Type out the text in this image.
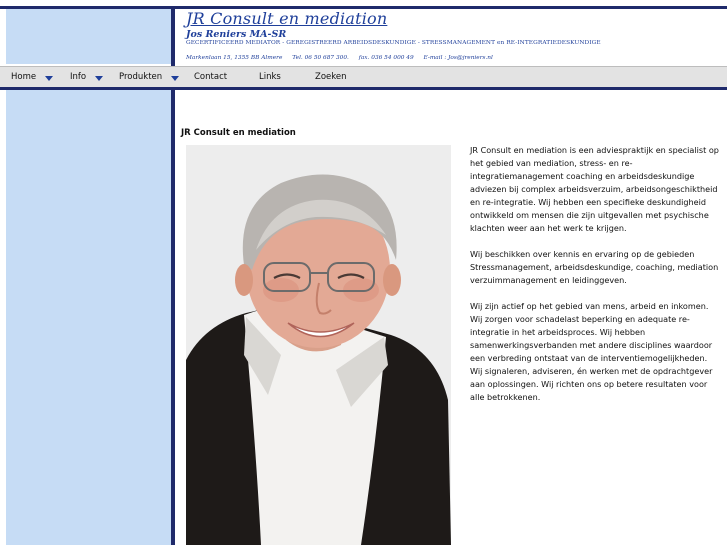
JR Consult en mediation
Jos Reniers MA-SR
GECERTIFICEERD MEDIATOR - GEREGISTREERD ARBEIDSDESKUNDIGE - STRESSMANAGEMENT en RE-INTEGRATIEDESKUNDIGE
Markenlaan 15, 1355 BB Almere Tel. 06 50 687 300. fax. 036 54 000 49 E-mail : Jos@jreniers.nl
Home	Info	Produkten	Contact	Links	Zoeken
JR Consult en mediation

JR Consult en mediation is een adviespraktijk en specialist op het gebied van mediation, stress- en re-integratiemanagement coaching en arbeidsdeskundige adviezen bij complex arbeidsverzuim, arbeidsongeschiktheid en re-integratie. Wij hebben een specifieke deskundigheid ontwikkeld om mensen die zijn uitgevallen met psychische klachten weer aan het werk te krijgen.

Wij beschikken over kennis en ervaring op de gebieden Stressmanagement, arbeidsdeskundige, coaching, mediation verzuimmanagement en leidinggeven.

Wij zijn actief op het gebied van mens, arbeid en inkomen. Wij zorgen voor schadelast beperking en adequate re-integratie in het arbeidsproces. Wij hebben samenwerkingsverbanden met andere disciplines waardoor een verbreding ontstaat van de interventiemogelijkheden. Wij signaleren, adviseren, én werken met de opdrachtgever aan oplossingen. Wij richten ons op betere resultaten voor alle betrokkenen.
